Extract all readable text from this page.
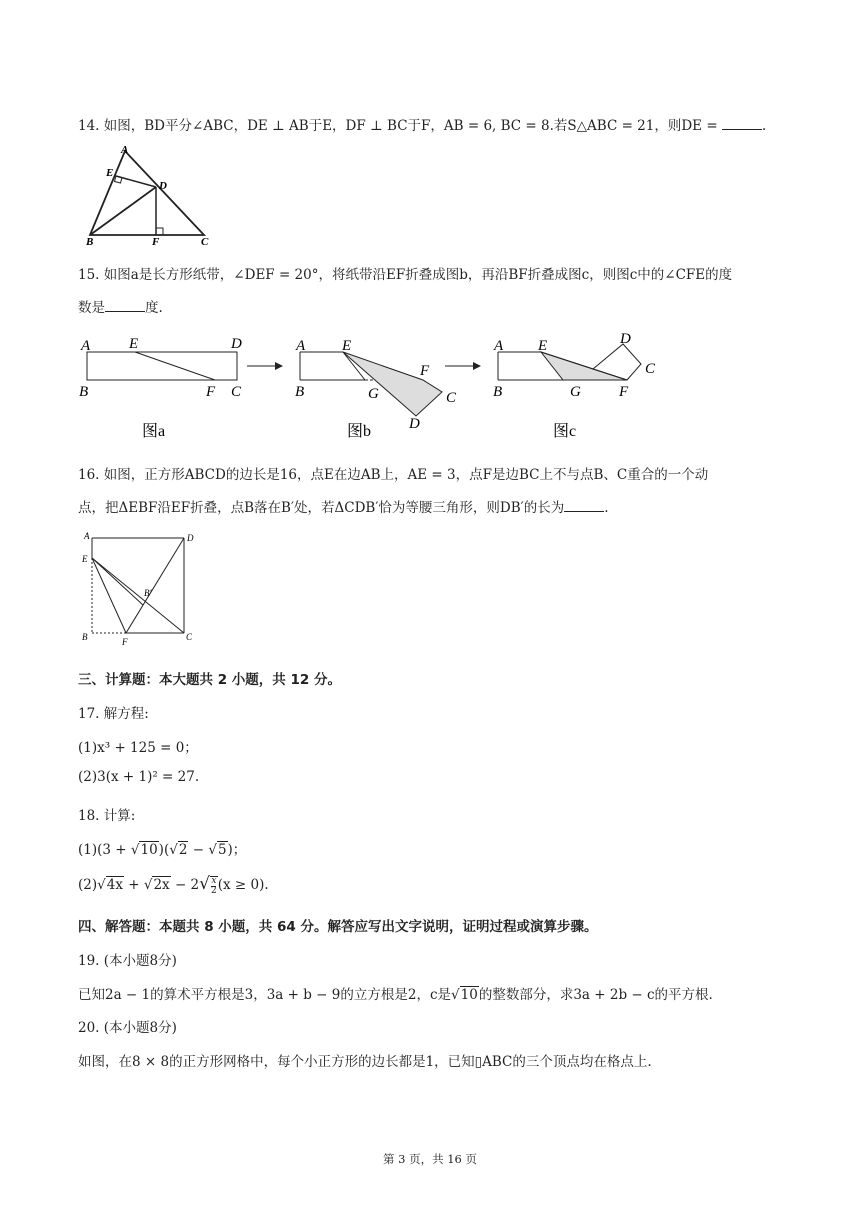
14. 如图，BD平分∠ABC，DE ⊥ AB于E，DF ⊥ BC于F，AB = 6, BC = 8.若S△ABC = 21，则DE =	.
A
E
D
B	F	C
15. 如图a是长方形纸带，∠DEF = 20°，将纸带沿EF折叠成图b，再沿BF折叠成图c，则图c中的∠CFE的度
数是	度.
A	E	D
B	F C
图a
A E
F
B	G	C
D
图b
A E	D
C
B	G	F
图c
16. 如图，正方形ABCD的边长是16，点E在边AB上，AE = 3，点F是边BC上不与点B、C重合的一个动
点，把ΔEBF沿EF折叠，点B落在B′处，若ΔCDB′恰为等腰三角形，则DB′的长为	.
A	D
E
B′
B	F	C
三、计算题：本大题共 2 小题，共 12 分。
17. 解方程:
(1)x³ + 125 = 0；
(2)3(x + 1)² = 27.
18. 计算:
(1)(3 + √10)(√2 − √5)；
$(2)√4x + √2x - 2√ \frac{x}{2} (x \ge 0)$.
四、解答题：本题共 8 小题，共 64 分。解答应写出文字说明，证明过程或演算步骤。
19. (本小题8分)
已知2a − 1的算术平方根是3，3a + b − 9的立方根是2，c是√10的整数部分，求3a + 2b − c的平方根.
20. (本小题8分)
如图，在8 × 8的正方形网格中，每个小正方形的边长都是1，已知▯ABC的三个顶点均在格点上.
第 3 页，共 16 页
